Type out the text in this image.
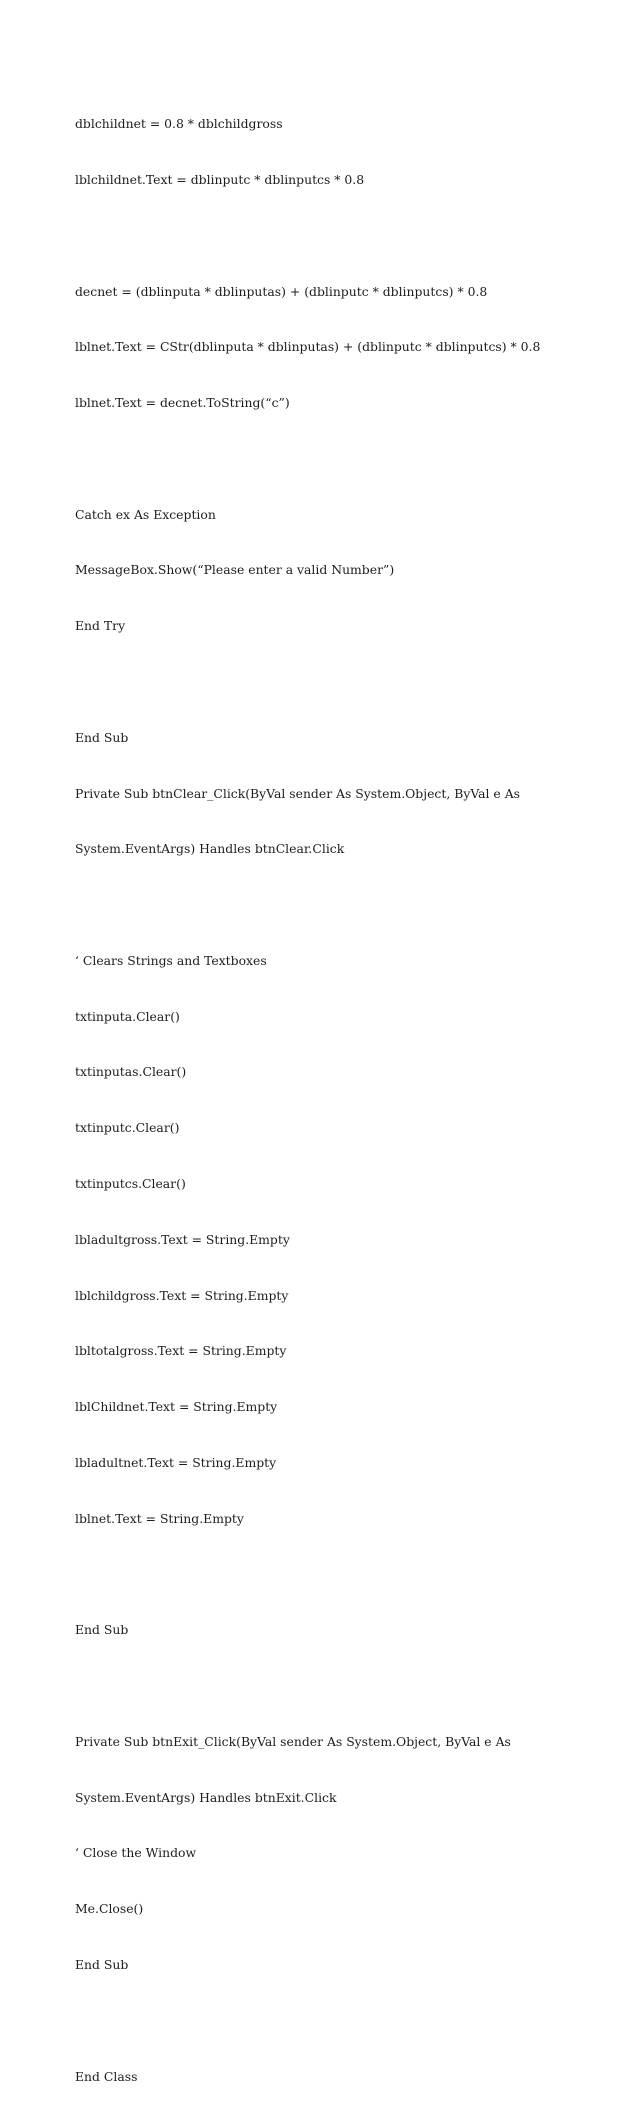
dblchildnet = 0.8 * dblchildgross

lblchildnet.Text = dblinputc * dblinputcs * 0.8

decnet = (dblinputa * dblinputas) + (dblinputc * dblinputcs) * 0.8

lblnet.Text = CStr(dblinputa * dblinputas) + (dblinputc * dblinputcs) * 0.8

lblnet.Text = decnet.ToString(“c”)

Catch ex As Exception

MessageBox.Show(“Please enter a valid Number”)

End Try

End Sub

Private Sub btnClear_Click(ByVal sender As System.Object, ByVal e As

System.EventArgs) Handles btnClear.Click

‘ Clears Strings and Textboxes

txtinputa.Clear()

txtinputas.Clear()

txtinputc.Clear()

txtinputcs.Clear()

lbladultgross.Text = String.Empty

lblchildgross.Text = String.Empty

lbltotalgross.Text = String.Empty

lblChildnet.Text = String.Empty

lbladultnet.Text = String.Empty

lblnet.Text = String.Empty

End Sub

Private Sub btnExit_Click(ByVal sender As System.Object, ByVal e As

System.EventArgs) Handles btnExit.Click

‘ Close the Window

Me.Close()

End Sub

End Class
